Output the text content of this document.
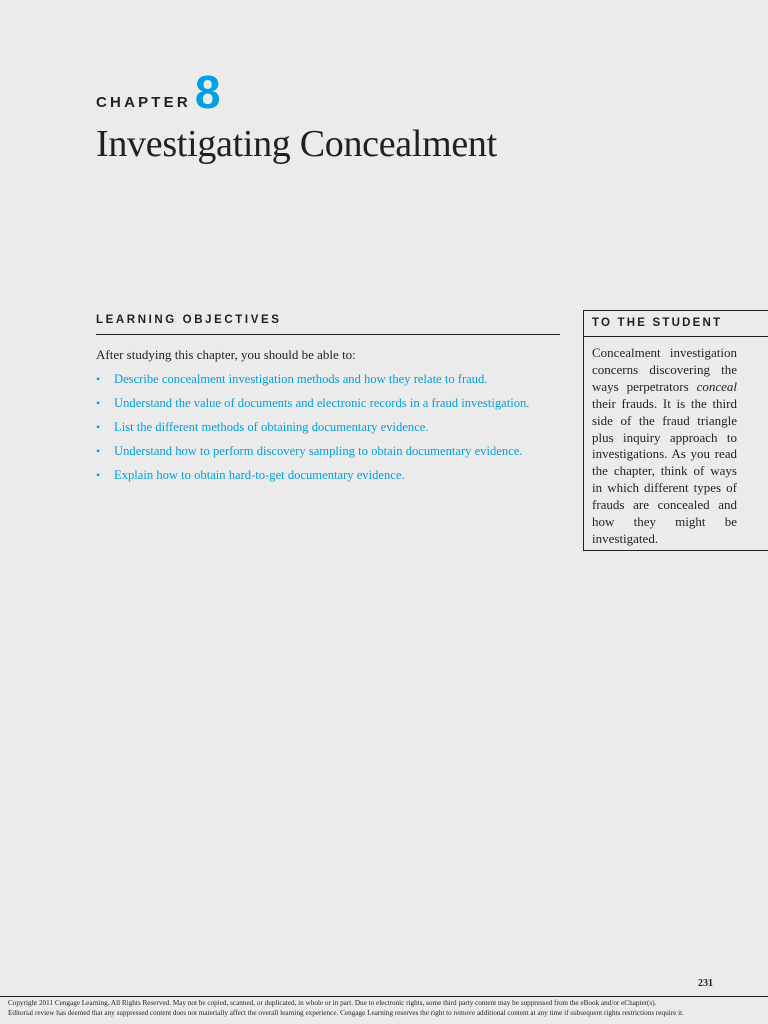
CHAPTER 8
Investigating Concealment
LEARNING OBJECTIVES
After studying this chapter, you should be able to:
• Describe concealment investigation methods and how they relate to fraud.
• Understand the value of documents and electronic records in a fraud investigation.
• List the different methods of obtaining documentary evidence.
• Understand how to perform discovery sampling to obtain documentary evidence.
• Explain how to obtain hard-to-get documentary evidence.
TO THE STUDENT
Concealment investigation concerns discovering the ways perpetrators conceal their frauds. It is the third side of the fraud triangle plus inquiry approach to investigations. As you read the chapter, think of ways in which different types of frauds are concealed and how they might be investigated.
231
Copyright 2011 Cengage Learning. All Rights Reserved. May not be copied, scanned, or duplicated, in whole or in part. Due to electronic rights, some third party content may be suppressed from the eBook and/or eChapter(s).
Editorial review has deemed that any suppressed content does not materially affect the overall learning experience. Cengage Learning reserves the right to remove additional content at any time if subsequent rights restrictions require it.
